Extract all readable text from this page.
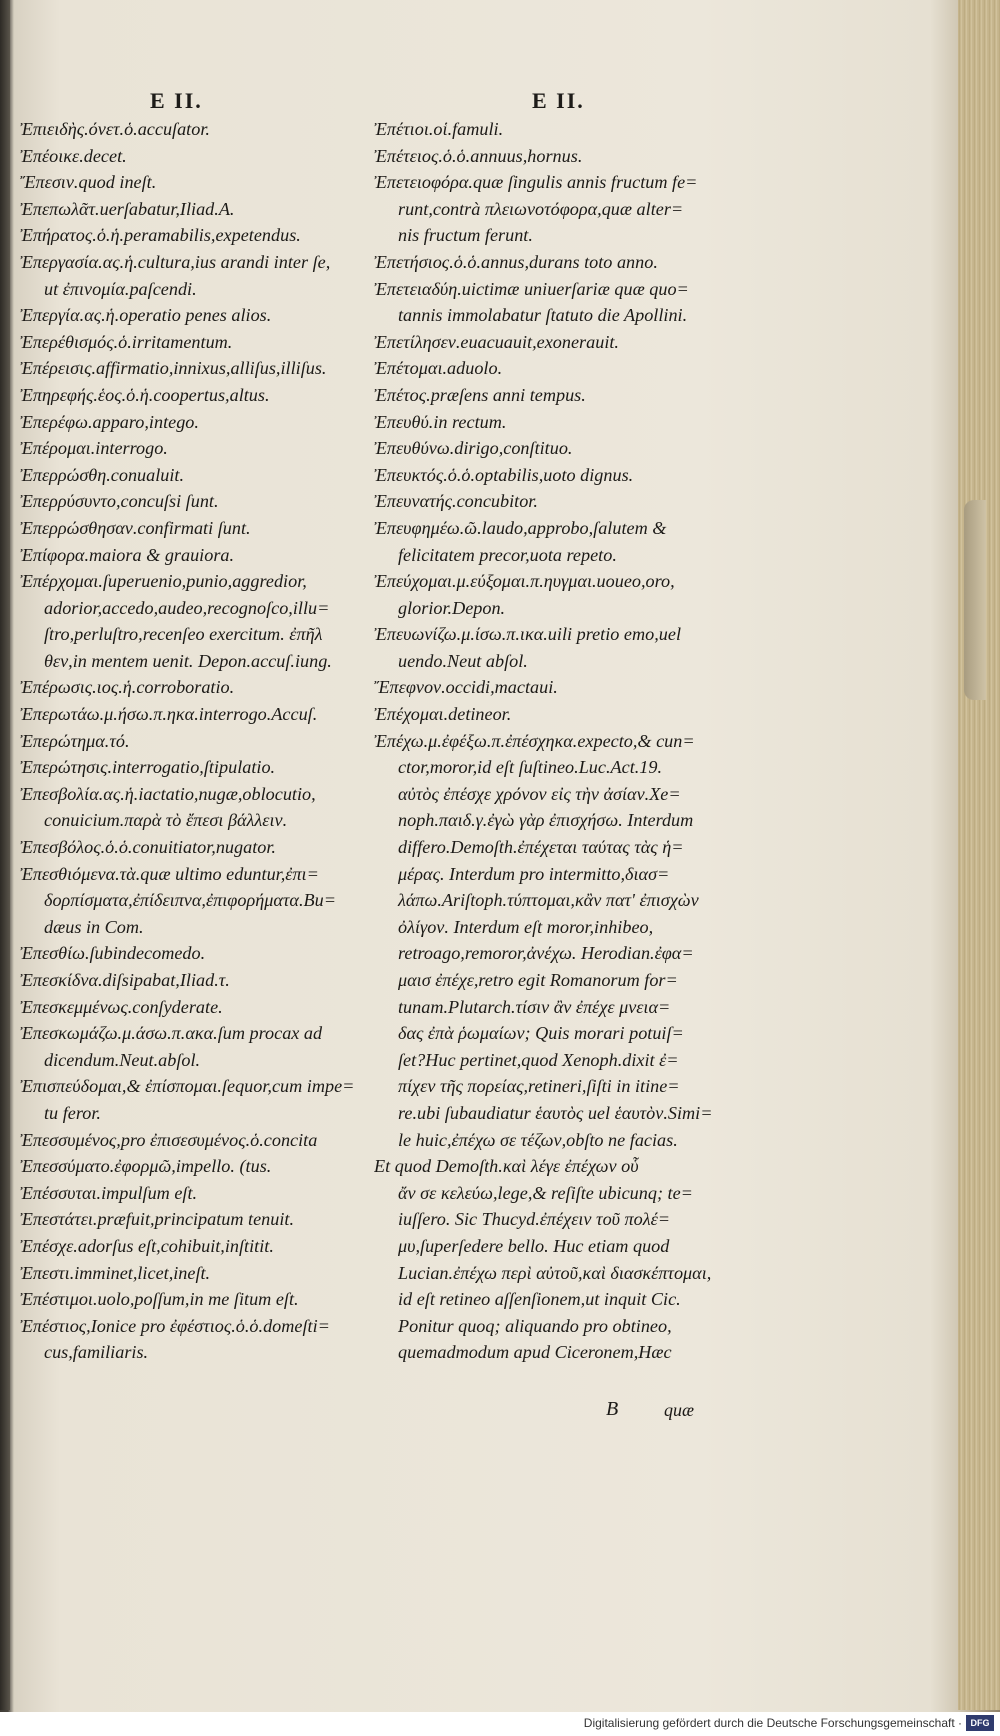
E II.	E II.
Ἐπιειδὴς.όνετ.ὁ.accuſator.
Ἐπέοικε.decet.
Ἔπεσιν.quod ineſt.
Ἐπεπωλᾶτ.uerſabatur,Iliad.Α.
Ἐπήρατος.ὁ.ἡ.peramabilis,expetendus.
Ἐπεργασία.ας.ἡ.cultura,ius arandi inter ſe,
ut ἐπινομία.paſcendi.
Ἐπεργία.ας.ἡ.operatio penes alios.
Ἐπερέθισμός.ὁ.irritamentum.
Ἐπέρεισις.affirmatio,innixus,alliſus,illiſus.
Ἐπηρεφής.ἑος.ὁ.ἡ.coopertus,altus.
Ἐπερέφω.apparo,intego.
Ἐπέρομαι.interrogo.
Ἐπερρώσθη.conualuit.
Ἐπερρύσυντο,concuſsi ſunt.
Ἐπερρώσθησαν.confirmati ſunt.
Ἐπίφορα.maiora & grauiora.
Ἐπέρχομαι.ſuperuenio,punio,aggredior,
adorior,accedo,audeo,recognoſco,illu=
ſtro,perluſtro,recenſeo exercitum. ἐπῆλ
θεν,in mentem uenit. Depon.accuſ.iung.
Ἐπέρωσις.ιος.ἡ.corroboratio.
Ἐπερωτάω.μ.ήσω.π.ηκα.interrogo.Accuſ.
Ἐπερώτημα.τό.
Ἐπερώτησις.interrogatio,ſtipulatio.
Ἐπεσβολία.ας.ἡ.iactatio,nugæ,oblocutio,
conuicium.παρὰ τὸ ἔπεσι βάλλειν.
Ἐπεσβόλος.ὁ.ὁ.conuitiator,nugator.
Ἐπεσθιόμενα.τὰ.quæ ultimo eduntur,ἐπι=
δορπίσματα,ἐπίδειπνα,ἐπιφορήματα.Bu=
dæus in Com.
Ἐπεσθίω.ſubindecomedo.
Ἐπεσκίδνα.diſsipabat,Iliad.τ.
Ἐπεσκεμμένως.conſyderate.
Ἐπεσκωμάζω.μ.άσω.π.ακα.ſum procax ad
dicendum.Neut.abſol.
Ἐπισπεύδομαι,& ἐπίσπομαι.ſequor,cum impe=
tu feror.
Ἐπεσσυμένος,pro ἐπισεσυμένος.ὁ.concita
Ἐπεσσύματο.ἐφορμῶ,impello. (tus.
Ἐπέσσυται.impulſum eſt.
Ἐπεστάτει.præfuit,principatum tenuit.
Ἐπέσχε.adorſus eſt,cohibuit,inſtitit.
Ἐπεστι.imminet,licet,ineſt.
Ἐπέστιμοι.uolo,poſſum,in me ſitum eſt.
Ἐπέστιος,Ionice pro ἐφέστιος.ὁ.ὁ.domeſti=
cus,familiaris.
Ἐπέτιοι.οἱ.famuli.
Ἐπέτειος.ὁ.ὁ.annuus,hornus.
Ἐπετειοφόρα.quæ ſingulis annis fructum fe=
runt,contrà πλειωνοτόφορα,quæ alter=
nis fructum ferunt.
Ἐπετήσιος.ὁ.ὁ.annus,durans toto anno.
Ἐπετειαδύη.uictimæ uniuerſariæ quæ quo=
tannis immolabatur ſtatuto die Apollini.
Ἐπετίλησεν.euacuauit,exonerauit.
Ἐπέτομαι.aduolo.
Ἐπέτος.præſens anni tempus.
Ἐπευθύ.in rectum.
Ἐπευθύνω.dirigo,conſtituo.
Ἐπευκτός.ὁ.ὁ.optabilis,uoto dignus.
Ἐπευνατής.concubitor.
Ἐπευφημέω.ῶ.laudo,approbo,ſalutem &
felicitatem precor,uota repeto.
Ἐπεύχομαι.μ.εύξομαι.π.ηυγμαι.uoueo,oro,
glorior.Depon.
Ἐπευωνίζω.μ.ίσω.π.ικα.uili pretio emo,uel
uendo.Neut abſol.
Ἔπεφνον.occidi,mactaui.
Ἐπέχομαι.detineor.
Ἐπέχω.μ.ἐφέξω.π.ἐπέσχηκα.expecto,& cun=
ctor,moror,id eſt ſuſtineo.Luc.Act.19.
αὐτὸς ἐπέσχε χρόνον εἰς τὴν ἀσίαν.Xe=
noph.παιδ.γ.ἐγὼ γὰρ ἐπισχήσω. Interdum
differo.Demoſth.ἐπέχεται ταύτας τὰς ἡ=
μέρας. Interdum pro intermitto,διασ=
λάπω.Ariſtoph.τύπτομαι,κἂν πατ' ἐπισχὼν
ὀλίγον. Interdum eſt moror,inhibeo,
retroago,remoror,ἀνέχω. Herodian.ἐφα=
μαισ ἐπέχε,retro egit Romanorum for=
tunam.Plutarch.τίσιν ἂν ἐπέχε μνεια=
δας ἐπὰ ῥωμαίων; Quis morari potuiſ=
ſet?Huc pertinet,quod Xenoph.dixit ἐ=
πίχεν τῆς πορείας,retineri,ſiſti in itine=
re.ubi ſubaudiatur ἑαυτὸς uel ἑαυτὸν.Simi=
le huic,ἐπέχω σε τέζων,obſto ne facias.
Et quod Demoſth.καὶ λέγε ἐπέχων οὗ
ἄν σε κελεύω,lege,& reſiſte ubicunq; te=
iuſſero. Sic Thucyd.ἐπέχειν τοῦ πολέ=
μυ,ſuperſedere bello. Huc etiam quod
Lucian.ἐπέχω περὶ αὐτοῦ,καὶ διασκέπτομαι,
id eſt retineo aſſenſionem,ut inquit Cic.
Ponitur quoq; aliquando pro obtineo,
quemadmodum apud Ciceronem,Hæc
B	quæ
Digitalisierung gefördert durch die Deutsche Forschungsgemeinschaft · DFG
